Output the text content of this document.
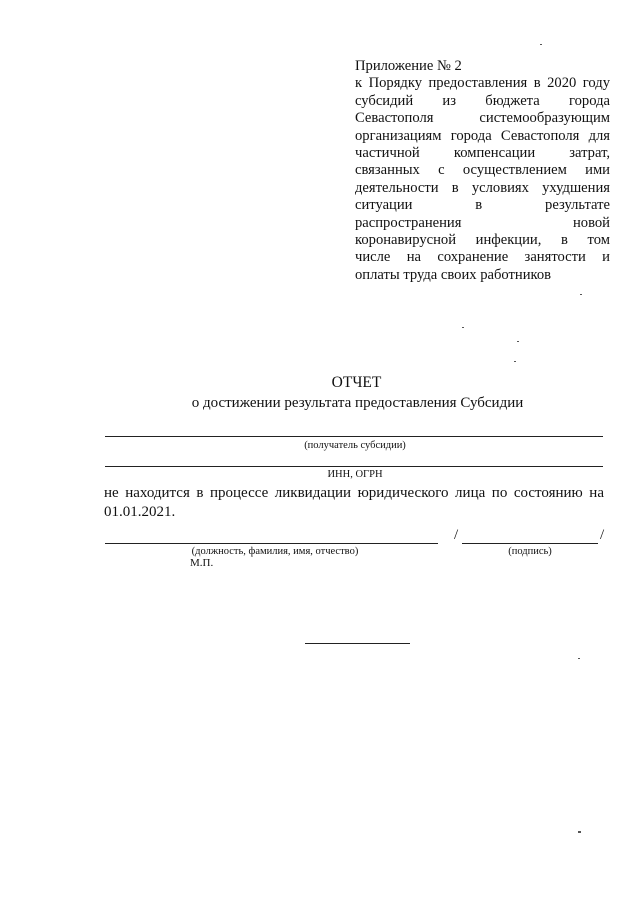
Приложение № 2
к Порядку предоставления в 2020 году
субсидий из бюджета города
Севастополя системообразующим
организациям города Севастополя для
частичной компенсации затрат,
связанных с осуществлением ими
деятельности в условиях ухудшения
ситуации в результате
распространения новой
коронавирусной инфекции, в том
числе на сохранение занятости и
оплаты труда своих работников
ОТЧЕТ
о достижении результата предоставления Субсидии
(получатель субсидии)
ИНН, ОГРН
не находится в процессе ликвидации юридического лица по состоянию на 01.01.2021.
/	/
(должность, фамилия, имя, отчество)	(подпись)
М.П.
